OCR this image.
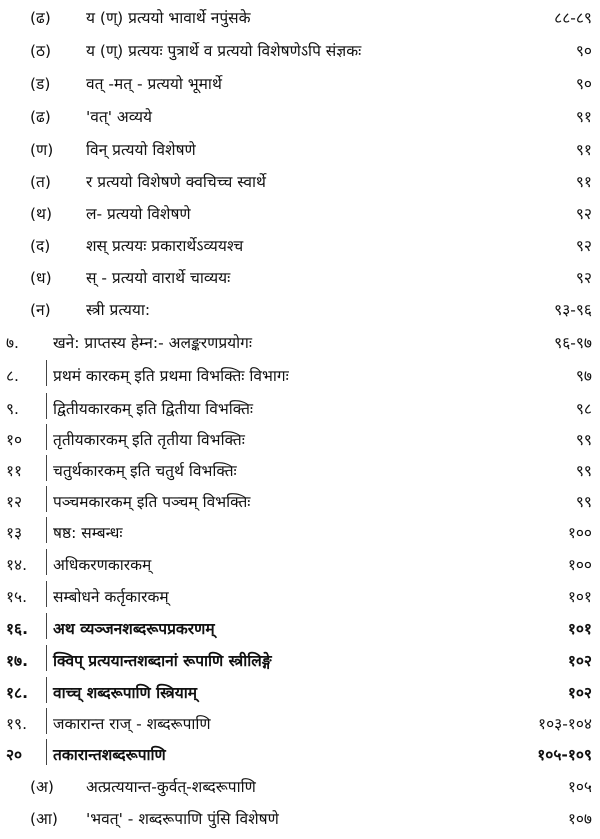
(ढ) य (ण्) प्रत्ययो भावार्थे नपुंसके	८८-८९
(ठ) य (ण्) प्रत्ययः पुत्रार्थे व प्रत्ययो विशेषणेऽपि संज्ञकः	९०
(ड) वत् -मत् - प्रत्ययो भूमार्थे	९०
(ढ) 'वत्' अव्यये	९१
(ण) विन् प्रत्ययो विशेषणे	९१
(त) र प्रत्ययो विशेषणे क्वचिच्च स्वार्थे	९१
(थ) ल- प्रत्ययो विशेषणे	९२
(द) शस् प्रत्ययः प्रकारार्थेऽव्ययश्च	९२
(ध) स् - प्रत्ययो वारार्थे चाव्ययः	९२
(न) स्त्री प्रत्यया:	९३-९६
७. खने: प्राप्तस्य हेम्न:- अलङ्करणप्रयोगः	९६-९७
८. प्रथमं कारकम् इति प्रथमा विभक्तिः विभागः	९७
९. द्वितीयकारकम् इति द्वितीया विभक्तिः	९८
१० तृतीयकारकम् इति तृतीया विभक्तिः	९९
११ चतुर्थकारकम् इति चतुर्थ विभक्तिः	९९
१२ पञ्चमकारकम् इति पञ्चम् विभक्तिः	९९
१३ षष्ठ: सम्बन्धः	१००
१४. अधिकरणकारकम्	१००
१५. सम्बोधने कर्तृकारकम्	१०१
१६. अथ व्यञ्जनशब्दरूपप्रकरणम्	१०१
१७. क्विप् प्रत्ययान्तशब्दानां रूपाणि स्त्रीलिङ्गे	१०२
१८. वाच्च् शब्दरूपाणि स्त्रियाम्	१०२
१९. जकारान्त राज् - शब्दरूपाणि	१०३-१०४
२० तकारान्तशब्दरूपाणि	१०५-१०९
(अ) अत्प्रत्ययान्त-कुर्वत्-शब्दरूपाणि	१०५
(आ) 'भवत्' - शब्दरूपाणि पुंसि विशेषणे	१०७
